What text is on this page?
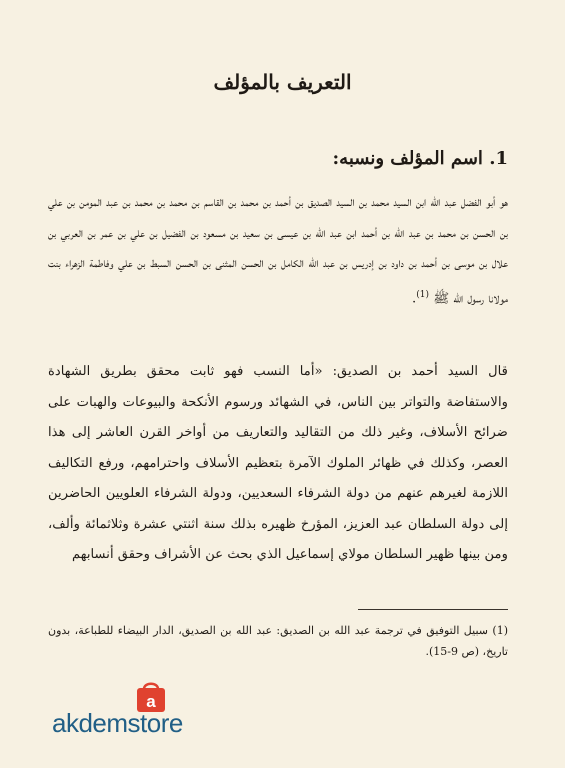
التعريف بالمؤلف
1. اسم المؤلف ونسبه:
هو أبو الفضل عبد الله ابن السيد محمد بن السيد الصديق بن أحمد بن محمد بن القاسم بن محمد بن محمد بن عبد المومن بن علي بن الحسن بن محمد بن عبد الله بن أحمد ابن عبد الله بن عيسى بن سعيد بن مسعود بن الفضيل بن علي بن عمر بن العربي بن علال بن موسى بن أحمد بن داود بن إدريس بن عبد الله الكامل بن الحسن المثنى بن الحسن السبط بن علي وفاطمة الزهراء بنت مولانا رسول الله ﷺ $^{(1)}$.
قال السيد أحمد بن الصديق: «أما النسب فهو ثابت محقق بطريق الشهادة والاستفاضة والتواتر بين الناس، في الشهائد ورسوم الأنكحة والبيوعات والهبات على ضرائح الأسلاف، وغير ذلك من التقاليد والتعاريف من أواخر القرن العاشر إلى هذا العصر، وكذلك في ظهائر الملوك الآمرة بتعظيم الأسلاف واحترامهم، ورفع التكاليف اللازمة لغيرهم عنهم من دولة الشرفاء السعديين، ودولة الشرفاء العلويين الحاضرين إلى دولة السلطان عبد العزيز، المؤرخ ظهيره بذلك سنة اثنتي عشرة وثلاثمائة وألف، ومن بينها ظهير السلطان مولاي إسماعيل الذي بحث عن الأشراف وحقق أنسابهم
(1) سبيل التوفيق في ترجمة عبد الله بن الصديق: عبد الله بن الصديق، الدار البيضاء للطباعة، بدون تاريخ، (ص 9-15).
a
akdemstore
